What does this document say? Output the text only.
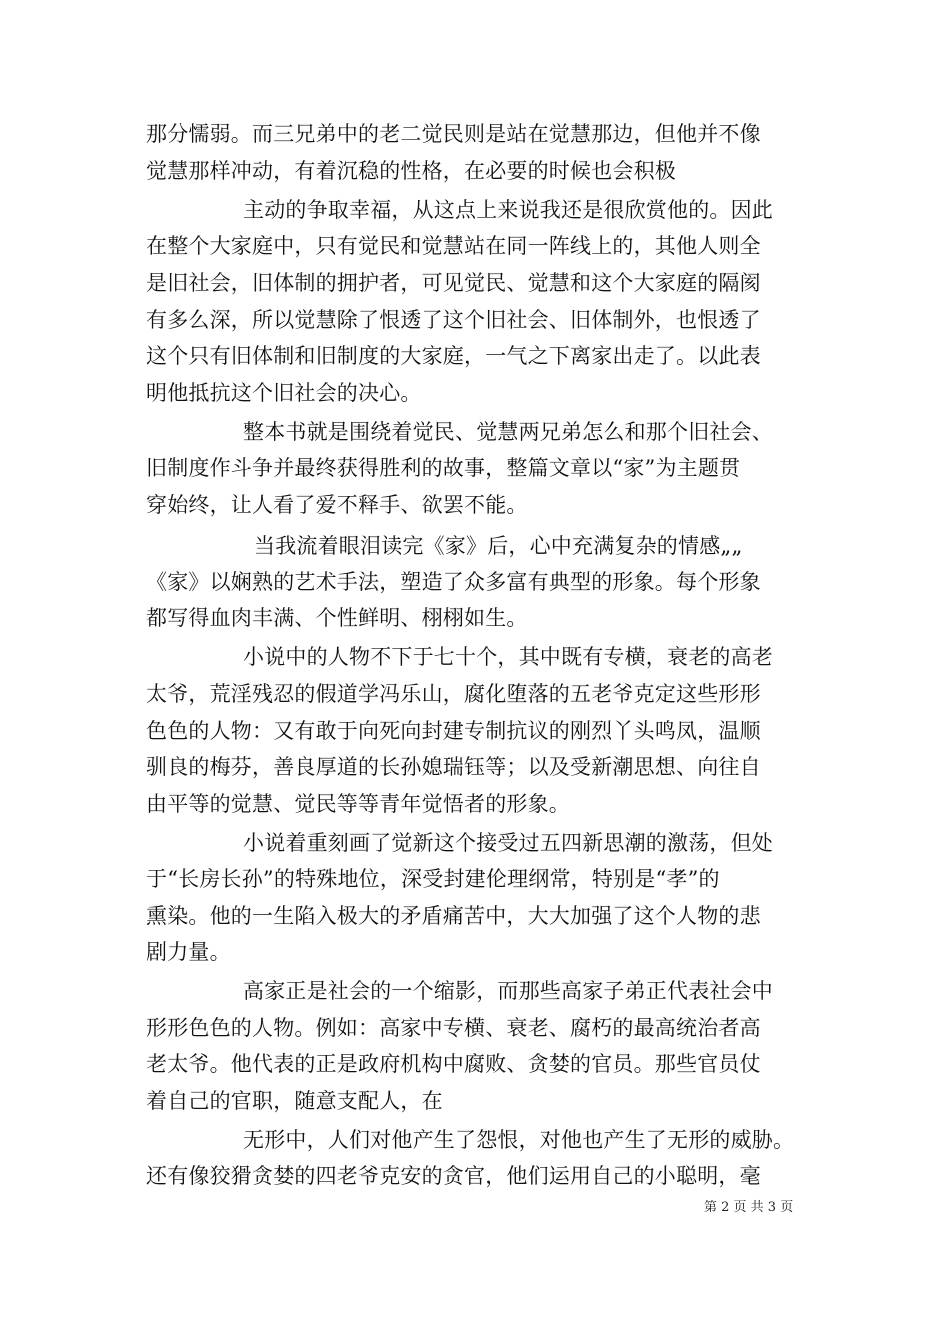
那分懦弱。而三兄弟中的老二觉民则是站在觉慧那边，但他并不像
觉慧那样冲动，有着沉稳的性格，在必要的时候也会积极
主动的争取幸福，从这点上来说我还是很欣赏他的。因此
在整个大家庭中，只有觉民和觉慧站在同一阵线上的，其他人则全
是旧社会，旧体制的拥护者，可见觉民、觉慧和这个大家庭的隔阂
有多么深，所以觉慧除了恨透了这个旧社会、旧体制外，也恨透了
这个只有旧体制和旧制度的大家庭，一气之下离家出走了。以此表
明他抵抗这个旧社会的决心。
整本书就是围绕着觉民、觉慧两兄弟怎么和那个旧社会、
旧制度作斗争并最终获得胜利的故事，整篇文章以“家”为主题贯
穿始终，让人看了爱不释手、欲罢不能。
当我流着眼泪读完《家》后，心中充满复杂的情感„„
《家》以娴熟的艺术手法，塑造了众多富有典型的形象。每个形象
都写得血肉丰满、个性鲜明、栩栩如生。
小说中的人物不下于七十个，其中既有专横，衰老的高老
太爷，荒淫残忍的假道学冯乐山，腐化堕落的五老爷克定这些形形
色色的人物：又有敢于向死向封建专制抗议的刚烈丫头鸣凤，温顺
驯良的梅芬，善良厚道的长孙媳瑞钰等；以及受新潮思想、向往自
由平等的觉慧、觉民等等青年觉悟者的形象。
小说着重刻画了觉新这个接受过五四新思潮的激荡，但处
于“长房长孙”的特殊地位，深受封建伦理纲常，特别是“孝”的
熏染。他的一生陷入极大的矛盾痛苦中，大大加强了这个人物的悲
剧力量。
高家正是社会的一个缩影，而那些高家子弟正代表社会中
形形色色的人物。例如：高家中专横、衰老、腐朽的最高统治者高
老太爷。他代表的正是政府机构中腐败、贪婪的官员。那些官员仗
着自己的官职，随意支配人，在
无形中，人们对他产生了怨恨，对他也产生了无形的威胁。
还有像狡猾贪婪的四老爷克安的贪官，他们运用自己的小聪明，毫
第 2 页 共 3 页
